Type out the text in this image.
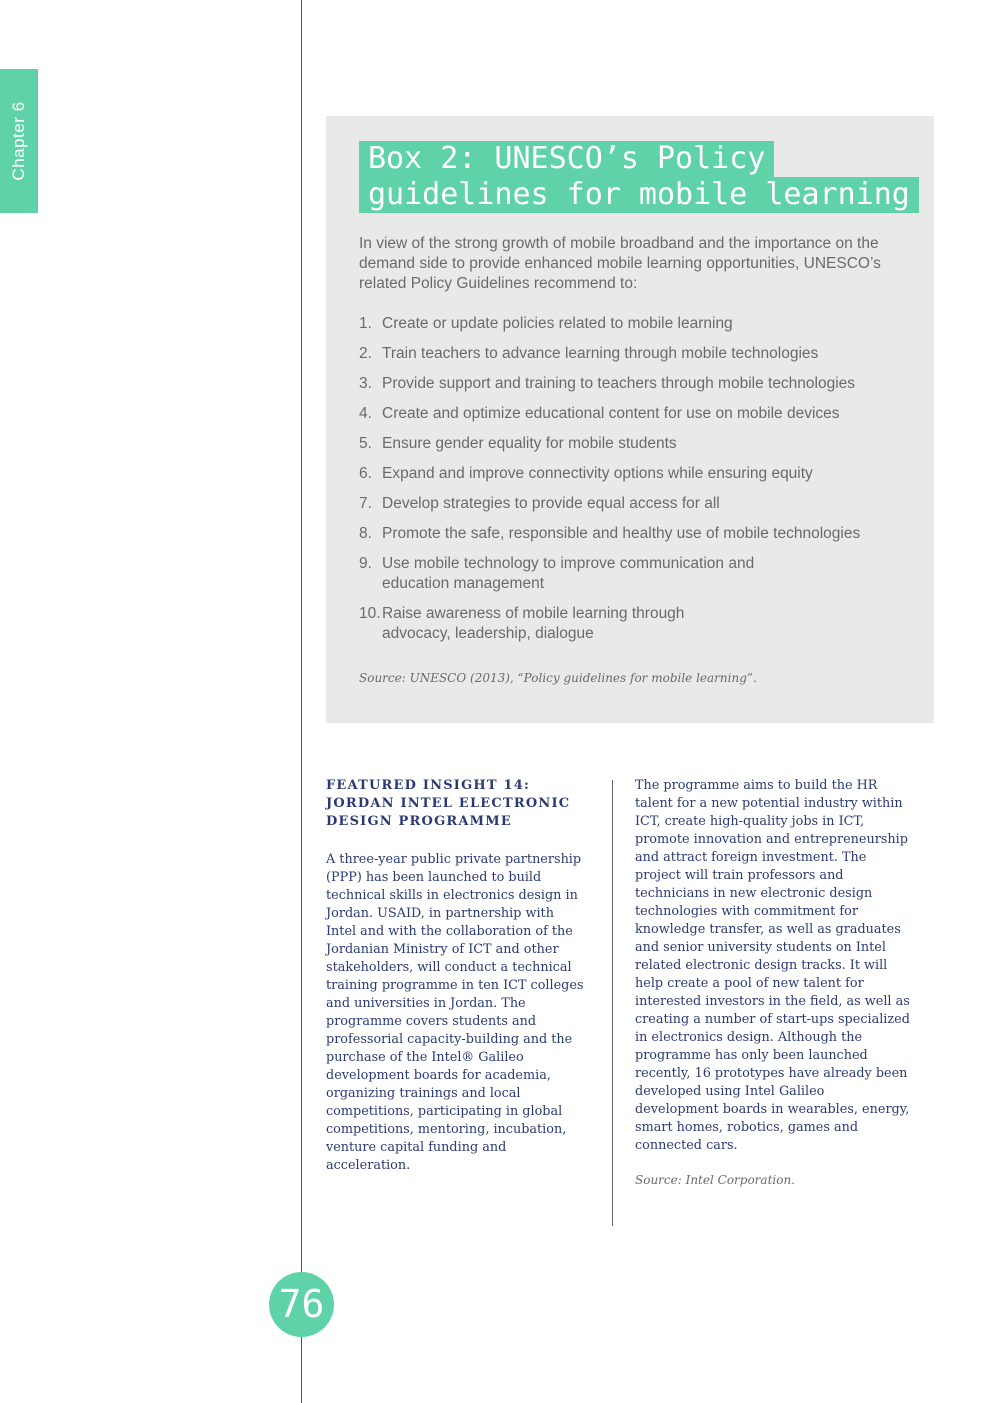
Chapter 6	Box 2: UNESCO’s Policy
guidelines for mobile learning

In view of the strong growth of mobile broadband and the importance on the demand side to provide enhanced mobile learning opportunities, UNESCO’s related Policy Guidelines recommend to:

1. Create or update policies related to mobile learning
2. Train teachers to advance learning through mobile technologies
3. Provide support and training to teachers through mobile technologies
4. Create and optimize educational content for use on mobile devices
5. Ensure gender equality for mobile students
6. Expand and improve connectivity options while ensuring equity
7. Develop strategies to provide equal access for all
8. Promote the safe, responsible and healthy use of mobile technologies
9. Use mobile technology to improve communication and education management
10. Raise awareness of mobile learning through advocacy, leadership, dialogue

Source: UNESCO (2013), “Policy guidelines for mobile learning”.

FEATURED INSIGHT 14: JORDAN INTEL ELECTRONIC DESIGN PROGRAMME

A three-year public private partnership (PPP) has been launched to build technical skills in electronics design in Jordan. USAID, in partnership with Intel and with the collaboration of the Jordanian Ministry of ICT and other stakeholders, will conduct a technical training programme in ten ICT colleges and universities in Jordan. The programme covers students and professorial capacity-building and the purchase of the Intel® Galileo development boards for academia, organizing trainings and local competitions, participating in global competitions, mentoring, incubation, venture capital funding and acceleration.

The programme aims to build the HR talent for a new potential industry within ICT, create high-quality jobs in ICT, promote innovation and entrepreneurship and attract foreign investment. The project will train professors and technicians in new electronic design technologies with commitment for knowledge transfer, as well as graduates and senior university students on Intel related electronic design tracks. It will help create a pool of new talent for interested investors in the field, as well as creating a number of start-ups specialized in electronics design. Although the programme has only been launched recently, 16 prototypes have already been developed using Intel Galileo development boards in wearables, energy, smart homes, robotics, games and connected cars.

Source: Intel Corporation.

76
